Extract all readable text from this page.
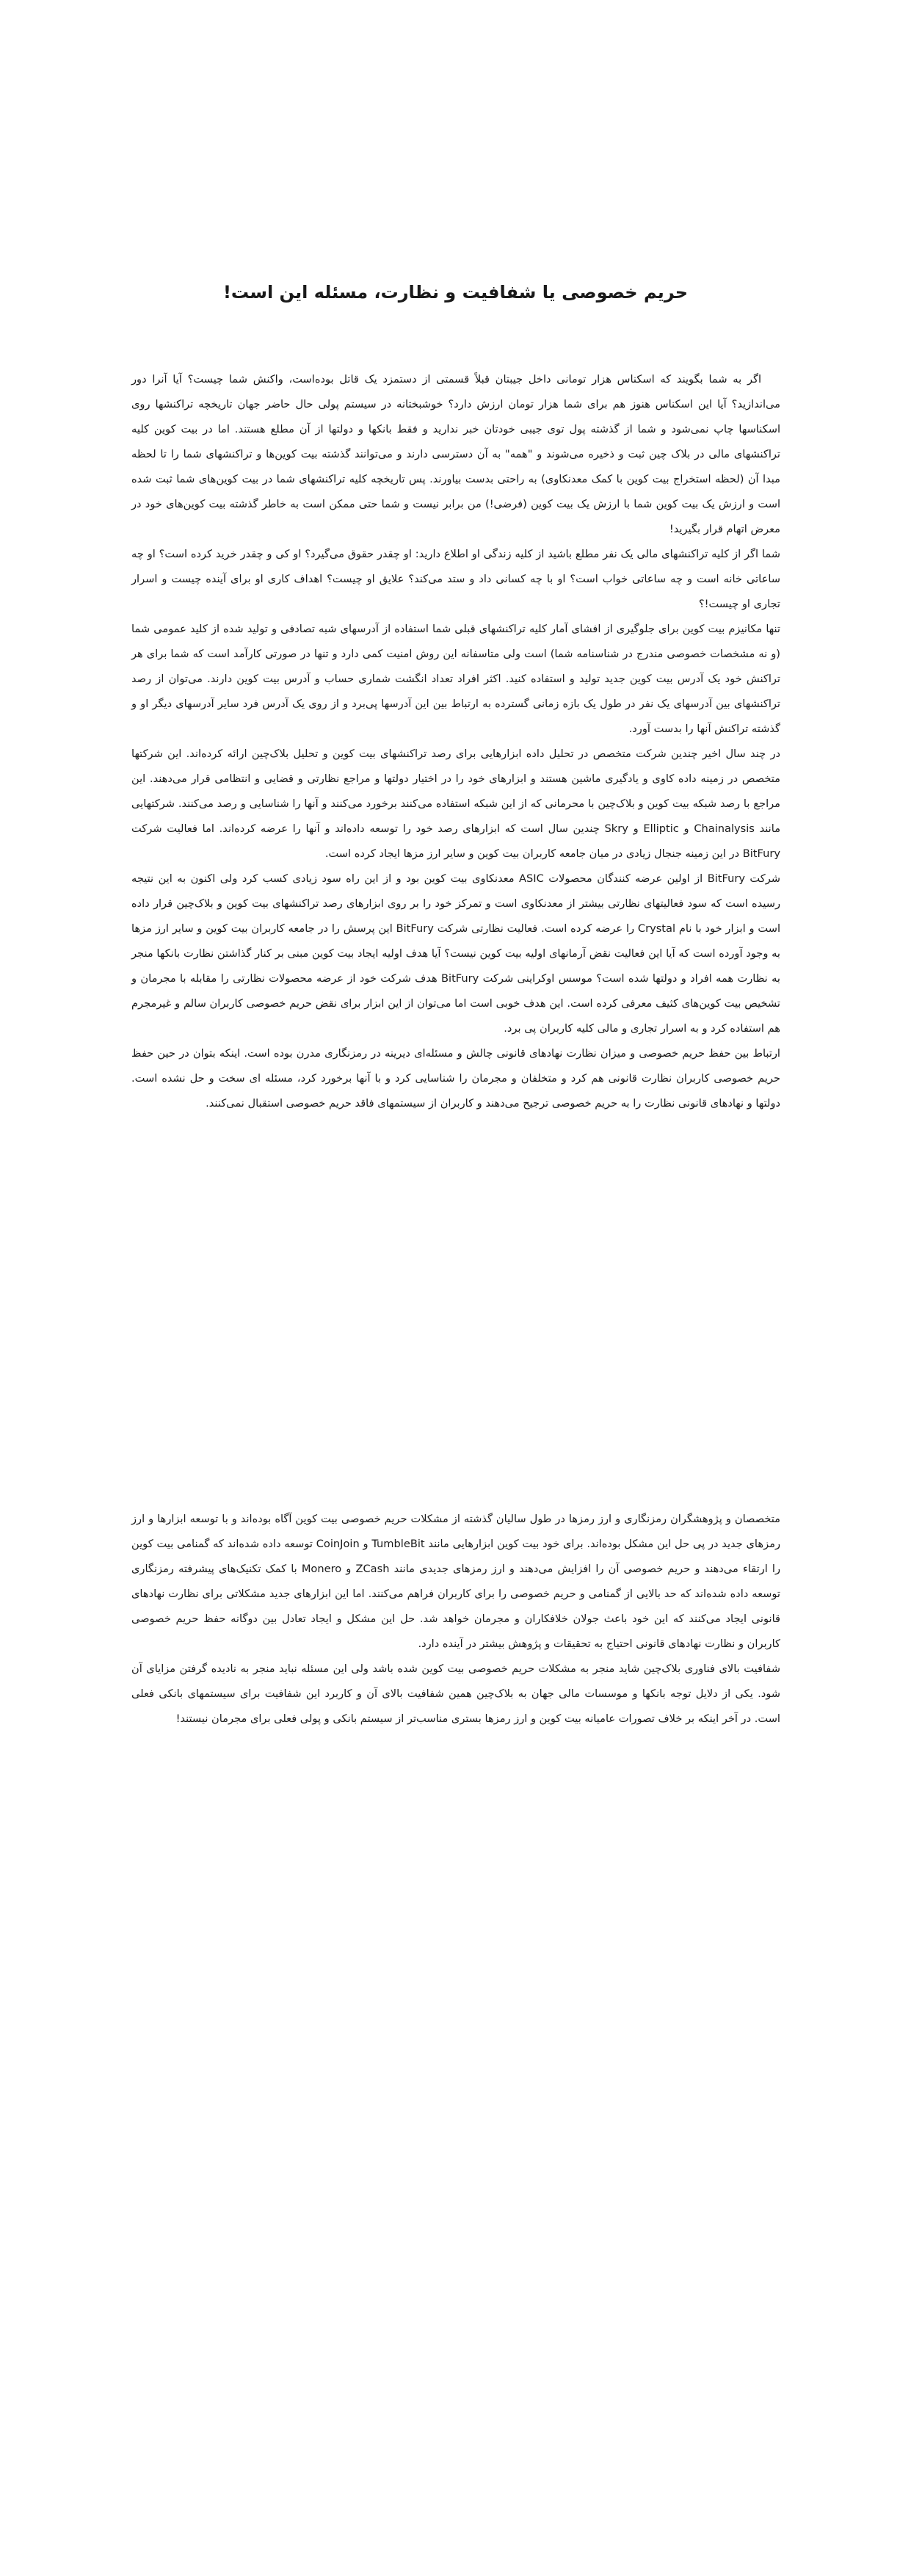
حریم خصوصی یا شفافیت و نظارت، مسئله این است!

اگر به شما بگویند که اسکناس هزار تومانی داخل جیبتان قبلاً قسمتی از دستمزد یک قاتل بوده‌است، واکنش شما چیست؟ آیا آنرا دور می‌اندازید؟ آیا این اسکناس هنوز هم برای شما هزار تومان ارزش دارد؟ خوشبختانه در سیستم پولی حال حاضر جهان تاریخچه تراکنشها روی اسکناسها چاپ نمی‌شود و شما از گذشته پول توی جیبی خودتان خبر ندارید و فقط بانکها و دولتها از آن مطلع هستند. اما در بیت کوین کلیه تراکنشهای مالی در بلاک چین ثبت و ذخیره می‌شوند و "همه" به آن دسترسی دارند و می‌توانند گذشته بیت کوین‌ها و تراکنشهای شما را تا لحظه مبدا آن (لحظه استخراج بیت کوین با کمک معدنکاوی) به راحتی بدست بیاورند. پس تاریخچه کلیه تراکنشهای شما در بیت کوین‌های شما ثبت شده است و ارزش یک بیت کوین شما با ارزش یک بیت کوین (فرضی!) من برابر نیست و شما حتی ممکن است به خاطر گذشته بیت کوین‌های خود در معرض اتهام قرار بگیرید!

شما اگر از کلیه تراکنشهای مالی یک نفر مطلع باشید از کلیه زندگی او اطلاع دارید: او چقدر حقوق می‌گیرد؟ او کی و چقدر خرید کرده است؟ او چه ساعاتی خانه است و چه ساعاتی خواب است؟ او با چه کسانی داد و ستد می‌کند؟ علایق او چیست؟ اهداف کاری او برای آینده چیست و اسرار تجاری او چیست!؟

تنها مکانیزم بیت کوین برای جلوگیری از افشای آمار کلیه تراکنشهای قبلی شما استفاده از آدرسهای شبه تصادفی و تولید شده از کلید عمومی شما (و نه مشخصات خصوصی مندرج در شناسنامه شما) است ولی متاسفانه این روش امنیت کمی دارد و تنها در صورتی کارآمد است که شما برای هر تراکنش خود یک آدرس بیت کوین جدید تولید و استفاده کنید. اکثر افراد تعداد انگشت شماری حساب و آدرس بیت کوین دارند. می‌توان از رصد تراکنشهای بین آدرسهای یک نفر در طول یک بازه زمانی گسترده به ارتباط بین این آدرسها پی‌برد و از روی یک آدرس فرد سایر آدرسهای دیگر او و گذشته تراکنش آنها را بدست آورد.

در چند سال اخیر چندین شرکت متخصص در تحلیل داده ابزارهایی برای رصد تراکنشهای بیت کوین و تحلیل بلاک‌چین ارائه کرده‌اند. این شرکتها متخصص در زمینه داده کاوی و یادگیری ماشین هستند و ابزارهای خود را در اختیار دولتها و مراجع نظارتی و قضایی و انتظامی قرار می‌دهند. این مراجع با رصد شبکه بیت کوین و بلاک‌چین با محرمانی که از این شبکه استفاده می‌کنند برخورد می‌کنند و آنها را شناسایی و رصد می‌کنند. شرکتهایی مانند Chainalysis و Elliptic و Skry چندین سال است که ابزارهای رصد خود را توسعه داده‌اند و آنها را عرضه کرده‌اند. اما فعالیت شرکت BitFury در این زمینه جنجال زیادی در میان جامعه کاربران بیت کوین و سایر ارز مزها ایجاد کرده است.

شرکت BitFury از اولین عرضه کنندگان محصولات ASIC معدنکاوی بیت کوین بود و از این راه سود زیادی کسب کرد ولی اکنون به این نتیجه رسیده است که سود فعالیتهای نظارتی بیشتر از معدنکاوی است و تمرکز خود را بر روی ابزارهای رصد تراکنشهای بیت کوین و بلاک‌چین قرار داده است و ابزار خود با نام Crystal را عرضه کرده است. فعالیت نظارتی شرکت BitFury این پرسش را در جامعه کاربران بیت کوین و سایر ارز مزها به وجود آورده است که آیا این فعالیت نقض آرمانهای اولیه بیت کوین نیست؟ آیا هدف اولیه ایجاد بیت کوین مبنی بر کنار گذاشتن نظارت بانکها منجر به نظارت همه افراد و دولتها شده است؟ موسس اوکراینی شرکت BitFury هدف شرکت خود از عرضه محصولات نظارتی را مقابله با مجرمان و تشخیص بیت کوین‌های کثیف معرفی کرده است. این هدف خوبی است اما می‌توان از این ابزار برای نقض حریم خصوصی کاربران سالم و غیرمجرم هم استفاده کرد و به اسرار تجاری و مالی کلیه کاربران پی برد.

ارتباط بین حفظ حریم خصوصی و میزان نظارت نهادهای قانونی چالش و مسئله‌ای دیرینه در رمزنگاری مدرن بوده است. اینکه بتوان در حین حفظ حریم خصوصی کاربران نظارت قانونی هم کرد و متخلفان و مجرمان را شناسایی کرد و با آنها برخورد کرد، مسئله ای سخت و حل نشده است. دولتها و نهادهای قانونی نظارت را به حریم خصوصی ترجیح می‌دهند و کاربران از سیستمهای فاقد حریم خصوصی استقبال نمی‌کنند.

متخصصان و پژوهشگران رمزنگاری و ارز رمزها در طول سالیان گذشته از مشکلات حریم خصوصی بیت کوین آگاه بوده‌اند و با توسعه ابزارها و ارز رمزهای جدید در پی حل این مشکل بوده‌اند. برای خود بیت کوین ابزارهایی مانند TumbleBit و CoinJoin توسعه داده شده‌اند که گمنامی بیت کوین را ارتقاء می‌دهند و حریم خصوصی آن را افزایش می‌دهند و ارز رمزهای جدیدی مانند ZCash و Monero با کمک تکنیک‌های پیشرفته رمزنگاری توسعه داده شده‌اند که حد بالایی از گمنامی و حریم خصوصی را برای کاربران فراهم می‌کنند. اما این ابزارهای جدید مشکلاتی برای نظارت نهادهای قانونی ایجاد می‌کنند که این خود باعث جولان خلافکاران و مجرمان خواهد شد. حل این مشکل و ایجاد تعادل بین دوگانه حفظ حریم خصوصی کاربران و نظارت نهادهای قانونی احتیاج به تحقیقات و پژوهش بیشتر در آینده دارد.

شفافیت بالای فناوری بلاک‌چین شاید منجر به مشکلات حریم خصوصی بیت کوین شده باشد ولی این مسئله نباید منجر به نادیده گرفتن مزایای آن شود. یکی از دلایل توجه بانکها و موسسات مالی جهان به بلاک‌چین همین شفافیت بالای آن و کاربرد این شفافیت برای سیستمهای بانکی فعلی است. در آخر اینکه بر خلاف تصورات عامیانه بیت کوین و ارز رمزها بستری مناسب‌تر از سیستم بانکی و پولی فعلی برای مجرمان نیستند!
